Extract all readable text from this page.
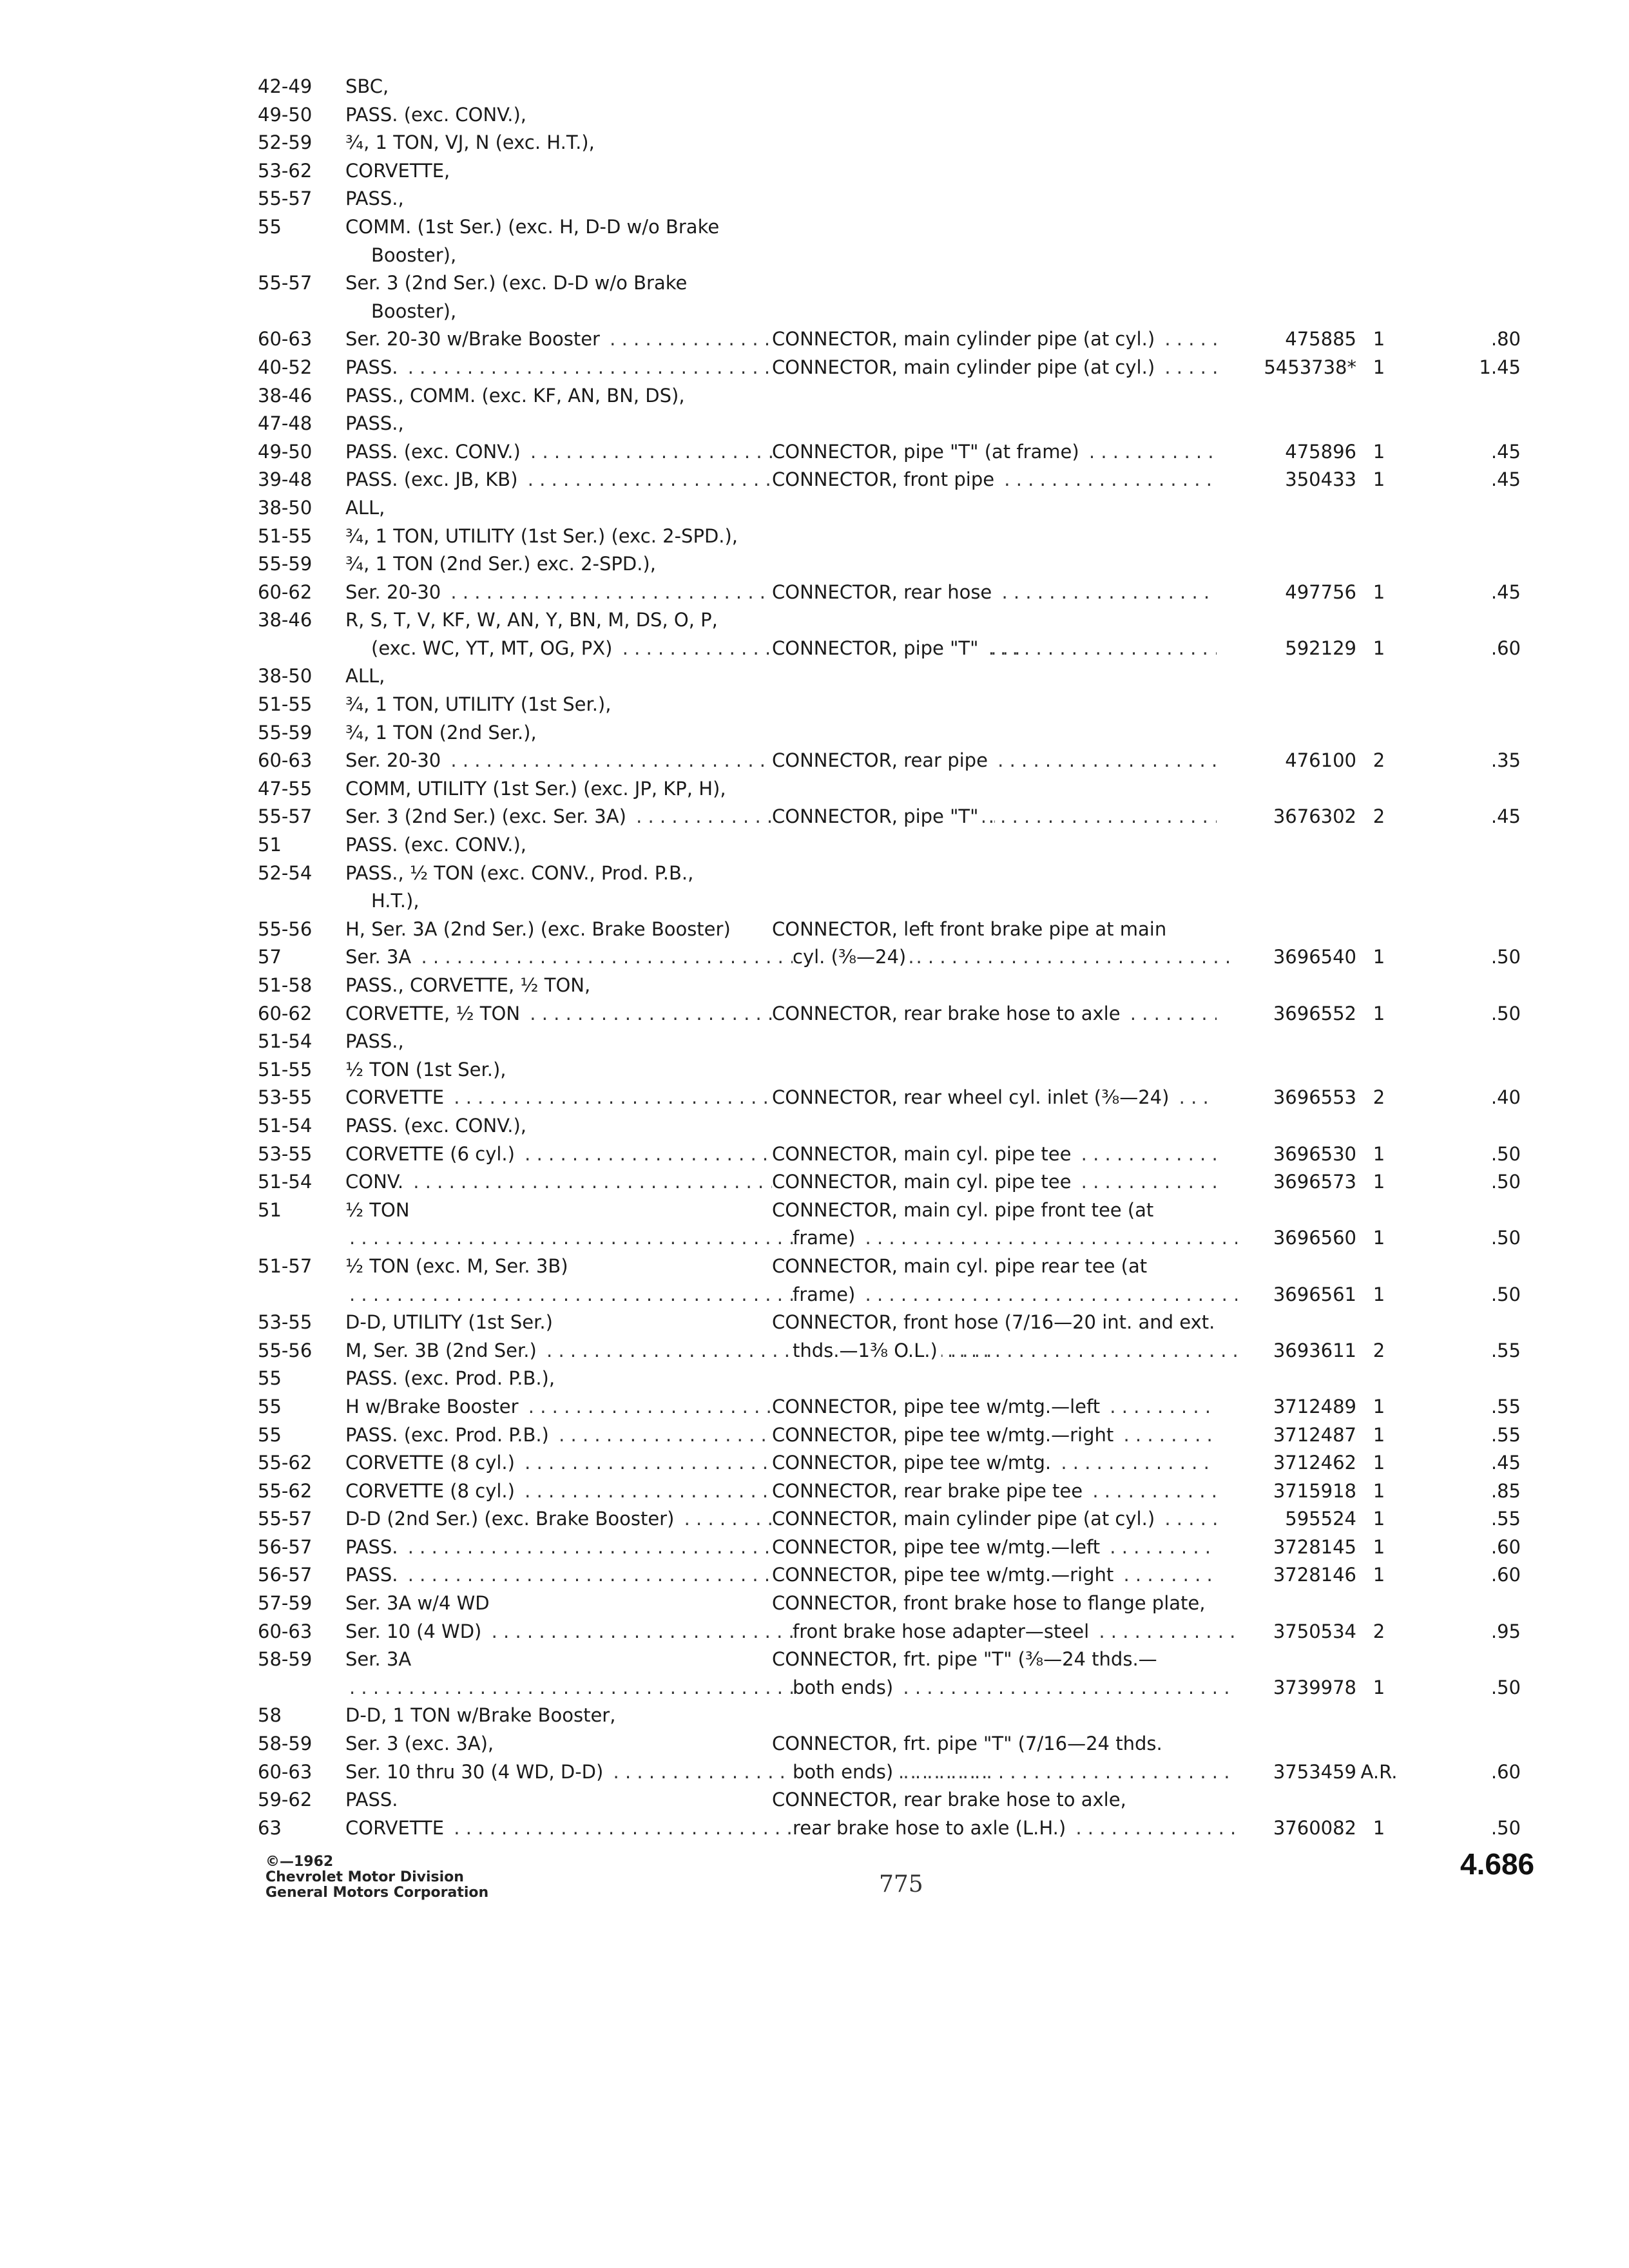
42-49	SBC,
49-50	PASS. (exc. CONV.),
52-59	¾, 1 TON, VJ, N (exc. H.T.),
53-62	CORVETTE,
55-57	PASS.,
55	COMM. (1st Ser.) (exc. H, D-D w/o Brake
Booster),
55-57	Ser. 3 (2nd Ser.) (exc. D-D w/o Brake
Booster),
60-63	Ser. 20-30 w/Brake Booster . . .	CONNECTOR, main cylinder pipe (at cyl.) . . .	475885 1	.80
40-52	PASS. . . .	CONNECTOR, main cylinder pipe (at cyl.) . . .	5453738* 1	1.45
38-46	PASS., COMM. (exc. KF, AN, BN, DS),
47-48	PASS.,
49-50	PASS. (exc. CONV.) . . .	CONNECTOR, pipe "T" (at frame) . . .	475896 1	.45
39-48	PASS. (exc. JB, KB) . . .	CONNECTOR, front pipe . . .	350433 1	.45
38-50	ALL,
51-55	¾, 1 TON, UTILITY (1st Ser.) (exc. 2-SPD.),
55-59	¾, 1 TON (2nd Ser.) exc. 2-SPD.),
60-62	Ser. 20-30 . . .	CONNECTOR, rear hose . . .	497756 1	.45
38-46	R, S, T, V, KF, W, AN, Y, BN, M, DS, O, P,
(exc. WC, YT, MT, OG, PX) . . .	CONNECTOR, pipe "T" . . .	592129 1	.60
38-50	ALL,
51-55	¾, 1 TON, UTILITY (1st Ser.),
55-59	¾, 1 TON (2nd Ser.),
60-63	Ser. 20-30 . . .	CONNECTOR, rear pipe . . .	476100 2	.35
47-55	COMM, UTILITY (1st Ser.) (exc. JP, KP, H),
55-57	Ser. 3 (2nd Ser.) (exc. Ser. 3A) . . .	CONNECTOR, pipe "T" . . .	3676302 2	.45
51	PASS. (exc. CONV.),
52-54	PASS., ½ TON (exc. CONV., Prod. P.B.,
H.T.),
55-56	H, Ser. 3A (2nd Ser.) (exc. Brake Booster)	CONNECTOR, left front brake pipe at main
57	Ser. 3A . . .	cyl. (⅜—24) . . .	3696540 1	.50
51-58	PASS., CORVETTE, ½ TON,
60-62	CORVETTE, ½ TON . . .	CONNECTOR, rear brake hose to axle . . .	3696552 1	.50
51-54	PASS.,
51-55	½ TON (1st Ser.),
53-55	CORVETTE . . .	CONNECTOR, rear wheel cyl. inlet (⅜—24) . . .	3696553 2	.40
51-54	PASS. (exc. CONV.),
53-55	CORVETTE (6 cyl.) . . .	CONNECTOR, main cyl. pipe tee . . .	3696530 1	.50
51-54	CONV. . . .	CONNECTOR, main cyl. pipe tee . . .	3696573 1	.50
51	½ TON	CONNECTOR, main cyl. pipe front tee (at
. . .
frame) . . .	3696560 1	.50
51-57	½ TON (exc. M, Ser. 3B)	CONNECTOR, main cyl. pipe rear tee (at
. . .
frame) . . .	3696561 1	.50
53-55	D-D, UTILITY (1st Ser.)	CONNECTOR, front hose (7/16—20 int. and ext.
55-56	M, Ser. 3B (2nd Ser.) . . .	thds.—1⅜ O.L.) . . .	3693611 2	.55
55	PASS. (exc. Prod. P.B.),
55	H w/Brake Booster . . .	CONNECTOR, pipe tee w/mtg.—left . . .	3712489 1	.55
55	PASS. (exc. Prod. P.B.) . . .	CONNECTOR, pipe tee w/mtg.—right . . .	3712487 1	.55
55-62	CORVETTE (8 cyl.) . . .	CONNECTOR, pipe tee w/mtg. . . .	3712462 1	.45
55-62	CORVETTE (8 cyl.) . . .	CONNECTOR, rear brake pipe tee . . .	3715918 1	.85
55-57	D-D (2nd Ser.) (exc. Brake Booster) . . .	CONNECTOR, main cylinder pipe (at cyl.) . . .	595524 1	.55
56-57	PASS. . . .	CONNECTOR, pipe tee w/mtg.—left . . .	3728145 1	.60
56-57	PASS. . . .	CONNECTOR, pipe tee w/mtg.—right . . .	3728146 1	.60
57-59	Ser. 3A w/4 WD	CONNECTOR, front brake hose to flange plate,
60-63	Ser. 10 (4 WD) . . .	front brake hose adapter—steel . . .	3750534 2	.95
58-59	Ser. 3A	CONNECTOR, frt. pipe "T" (⅜—24 thds.—
. . .
both ends) . . .	3739978 1	.50
58	D-D, 1 TON w/Brake Booster,
58-59	Ser. 3 (exc. 3A),	CONNECTOR, frt. pipe "T" (7/16—24 thds.
60-63	Ser. 10 thru 30 (4 WD, D-D) . . .	both ends) . . .	3753459 A.R.	.60
59-62	PASS.	CONNECTOR, rear brake hose to axle,
63	CORVETTE . . .	rear brake hose to axle (L.H.) . . .	3760082 1	.50
©—1962
Chevrolet Motor Division
General Motors Corporation	775
4.686
